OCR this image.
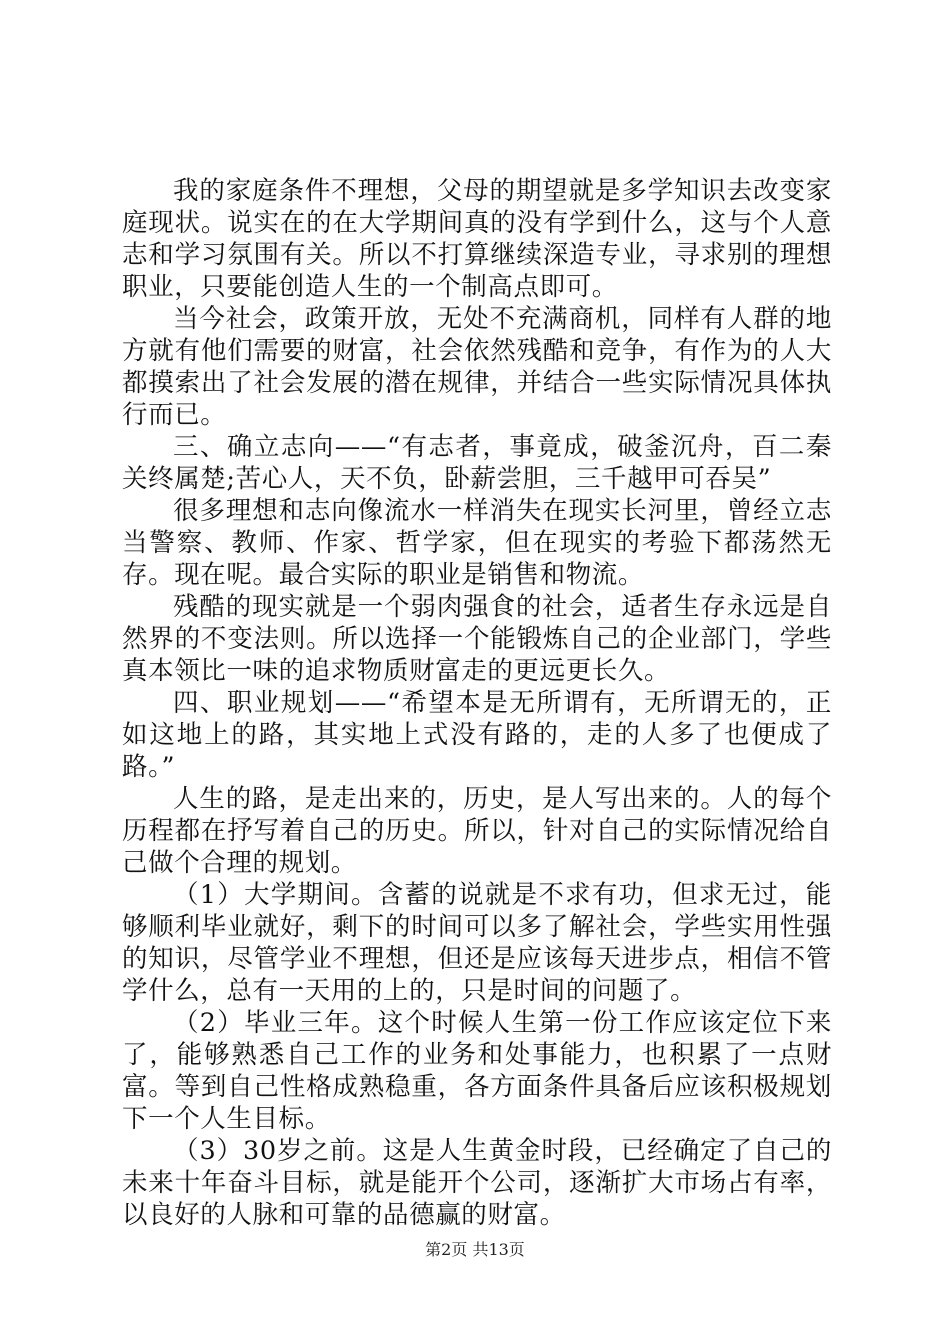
我的家庭条件不理想，父母的期望就是多学知识去改变家庭现状。说实在的在大学期间真的没有学到什么，这与个人意志和学习氛围有关。所以不打算继续深造专业，寻求别的理想职业，只要能创造人生的一个制高点即可。

当今社会，政策开放，无处不充满商机，同样有人群的地方就有他们需要的财富，社会依然残酷和竞争，有作为的人大都摸索出了社会发展的潜在规律，并结合一些实际情况具体执行而已。

三、确立志向——“有志者，事竟成，破釜沉舟，百二秦关终属楚;苦心人，天不负，卧薪尝胆，三千越甲可吞吴”

很多理想和志向像流水一样消失在现实长河里，曾经立志当警察、教师、作家、哲学家，但在现实的考验下都荡然无存。现在呢。最合实际的职业是销售和物流。

残酷的现实就是一个弱肉强食的社会，适者生存永远是自然界的不变法则。所以选择一个能锻炼自己的企业部门，学些真本领比一味的追求物质财富走的更远更长久。

四、职业规划——“希望本是无所谓有，无所谓无的，正如这地上的路，其实地上式没有路的，走的人多了也便成了路。”

人生的路，是走出来的，历史，是人写出来的。人的每个历程都在抒写着自己的历史。所以，针对自己的实际情况给自己做个合理的规划。

（1）大学期间。含蓄的说就是不求有功，但求无过，能够顺利毕业就好，剩下的时间可以多了解社会，学些实用性强的知识，尽管学业不理想，但还是应该每天进步点，相信不管学什么，总有一天用的上的，只是时间的问题了。

（2）毕业三年。这个时候人生第一份工作应该定位下来了，能够熟悉自己工作的业务和处事能力，也积累了一点财富。等到自己性格成熟稳重，各方面条件具备后应该积极规划下一个人生目标。

（3）30岁之前。这是人生黄金时段，已经确定了自己的未来十年奋斗目标，就是能开个公司，逐渐扩大市场占有率，以良好的人脉和可靠的品德赢的财富。

第2页 共13页
